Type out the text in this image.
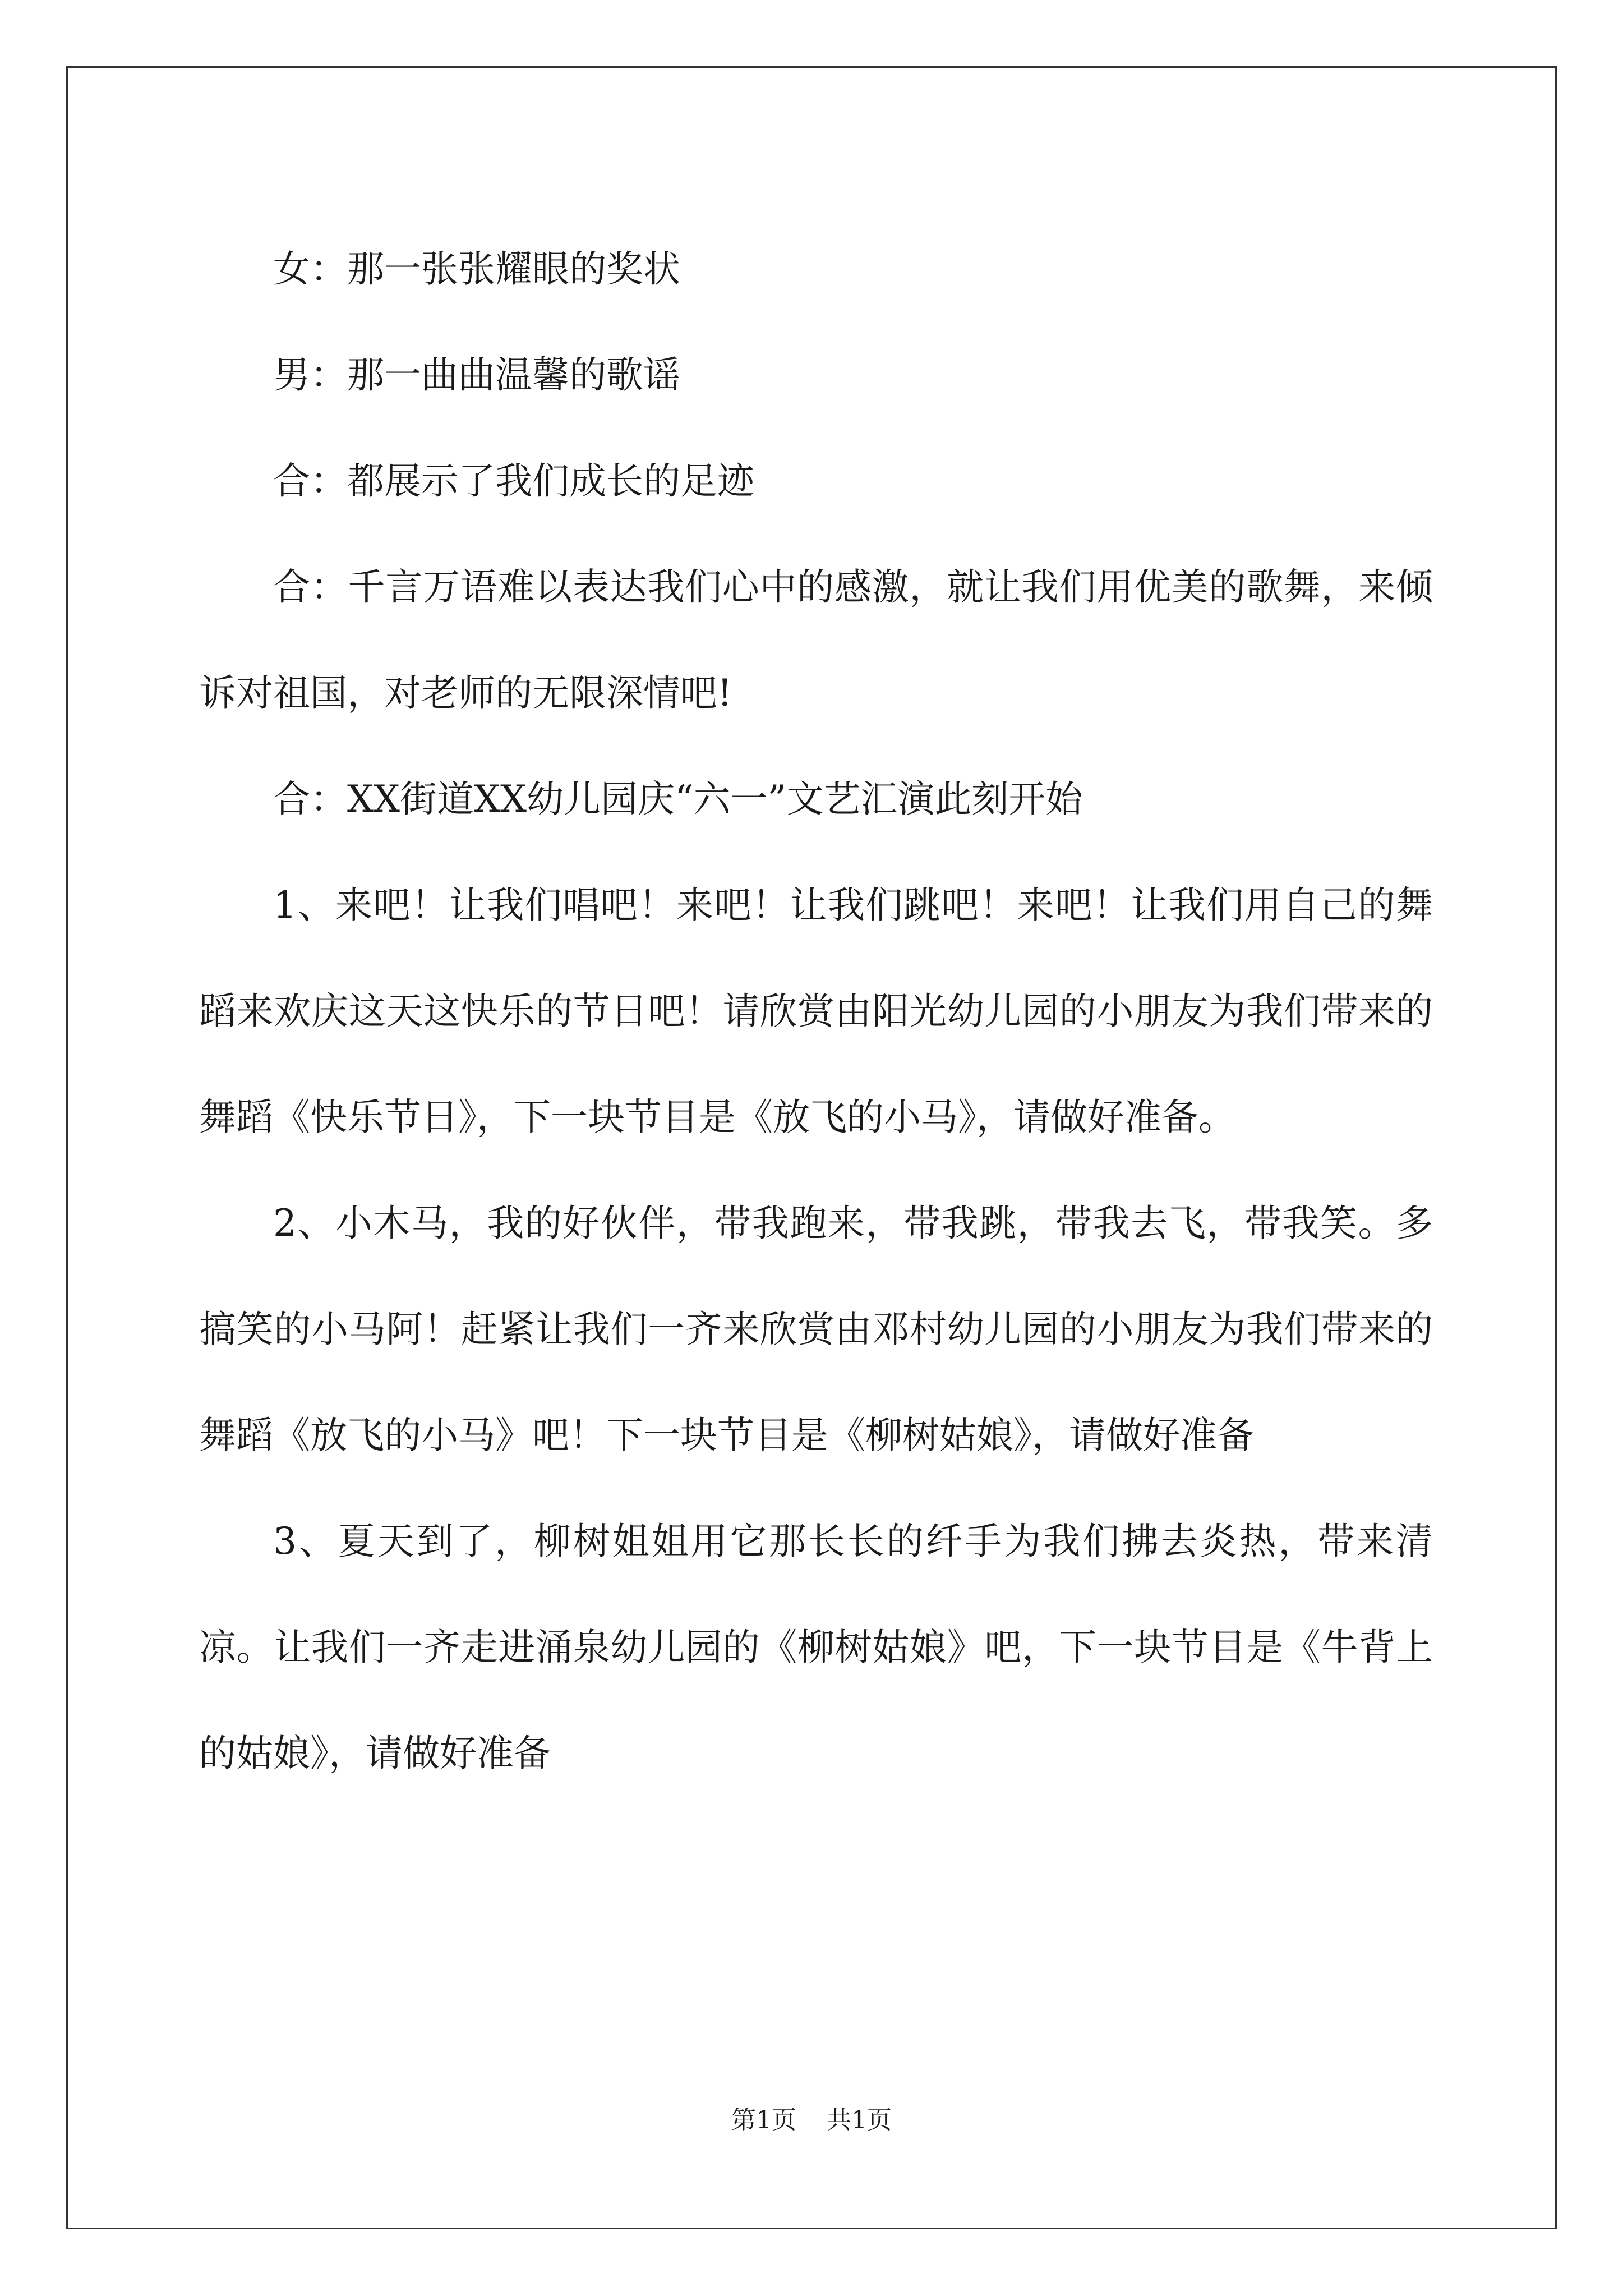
女：那一张张耀眼的奖状

男：那一曲曲温馨的歌谣

合：都展示了我们成长的足迹

合：千言万语难以表达我们心中的感激，就让我们用优美的歌舞，来倾诉对祖国，对老师的无限深情吧!

合：XX街道XX幼儿园庆“六一”文艺汇演此刻开始

1、来吧！让我们唱吧！来吧！让我们跳吧！来吧！让我们用自己的舞蹈来欢庆这天这快乐的节日吧！请欣赏由阳光幼儿园的小朋友为我们带来的舞蹈《快乐节日》，下一块节目是《放飞的小马》，请做好准备。

2、小木马，我的好伙伴，带我跑来，带我跳，带我去飞，带我笑。多搞笑的小马阿！赶紧让我们一齐来欣赏由邓村幼儿园的小朋友为我们带来的舞蹈《放飞的小马》吧！下一块节目是《柳树姑娘》，请做好准备

3、夏天到了，柳树姐姐用它那长长的纤手为我们拂去炎热，带来清凉。让我们一齐走进涌泉幼儿园的《柳树姑娘》吧，下一块节目是《牛背上的姑娘》，请做好准备

第1页 共1页
